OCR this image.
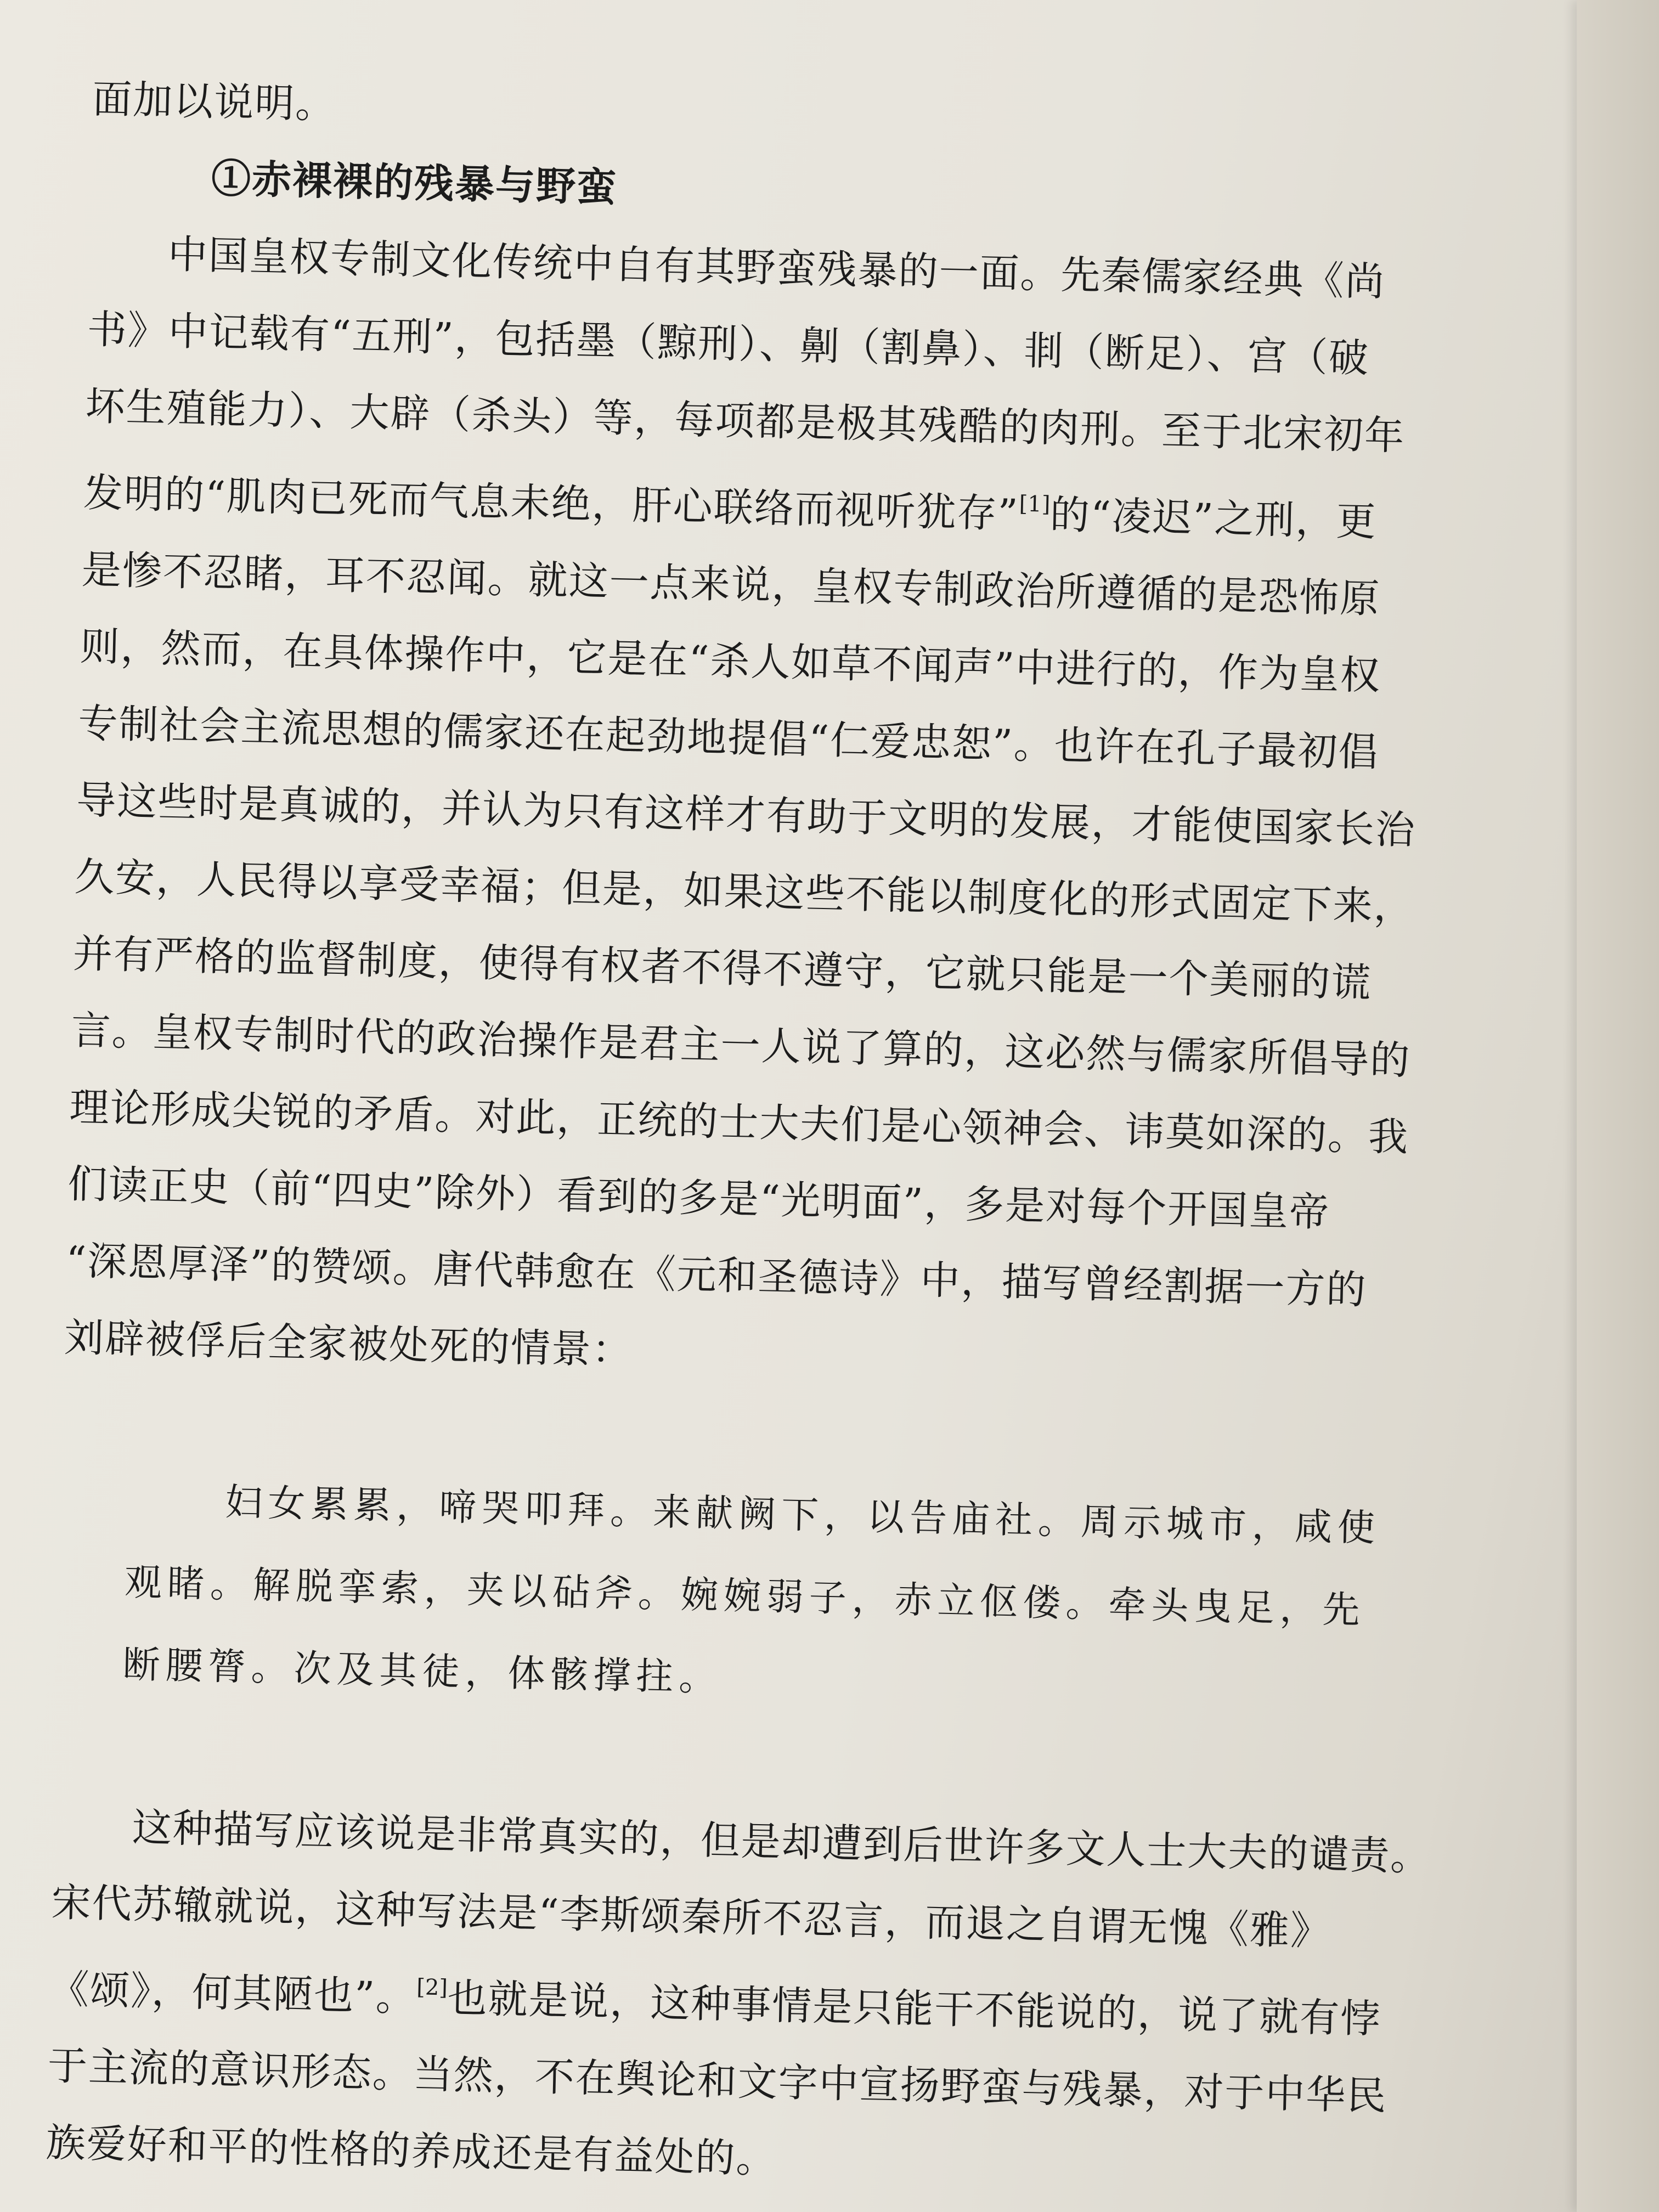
面加以说明。
①赤裸裸的残暴与野蛮
中国皇权专制文化传统中自有其野蛮残暴的一面。先秦儒家经典《尚
书》中记载有“五刑”，包括墨（黥刑）、劓（割鼻）、剕（断足）、宫（破
坏生殖能力）、大辟（杀头）等，每项都是极其残酷的肉刑。至于北宋初年
发明的“肌肉已死而气息未绝，肝心联络而视听犹存”[1]的“凌迟”之刑，更
是惨不忍睹，耳不忍闻。就这一点来说，皇权专制政治所遵循的是恐怖原
则，然而，在具体操作中，它是在“杀人如草不闻声”中进行的，作为皇权
专制社会主流思想的儒家还在起劲地提倡“仁爱忠恕”。也许在孔子最初倡
导这些时是真诚的，并认为只有这样才有助于文明的发展，才能使国家长治
久安，人民得以享受幸福；但是，如果这些不能以制度化的形式固定下来，
并有严格的监督制度，使得有权者不得不遵守，它就只能是一个美丽的谎
言。皇权专制时代的政治操作是君主一人说了算的，这必然与儒家所倡导的
理论形成尖锐的矛盾。对此，正统的士大夫们是心领神会、讳莫如深的。我
们读正史（前“四史”除外）看到的多是“光明面”，多是对每个开国皇帝
“深恩厚泽”的赞颂。唐代韩愈在《元和圣德诗》中，描写曾经割据一方的
刘辟被俘后全家被处死的情景：
妇女累累，啼哭叩拜。来献阙下，以告庙社。周示城市，咸使
观睹。解脱挛索，夹以砧斧。婉婉弱子，赤立伛偻。牵头曳足，先
断腰膂。次及其徒，体骸撑拄。
这种描写应该说是非常真实的，但是却遭到后世许多文人士大夫的谴责。
宋代苏辙就说，这种写法是“李斯颂秦所不忍言，而退之自谓无愧《雅》
《颂》，何其陋也”。[2]也就是说，这种事情是只能干不能说的，说了就有悖
于主流的意识形态。当然，不在舆论和文字中宣扬野蛮与残暴，对于中华民
族爱好和平的性格的养成还是有益处的。
